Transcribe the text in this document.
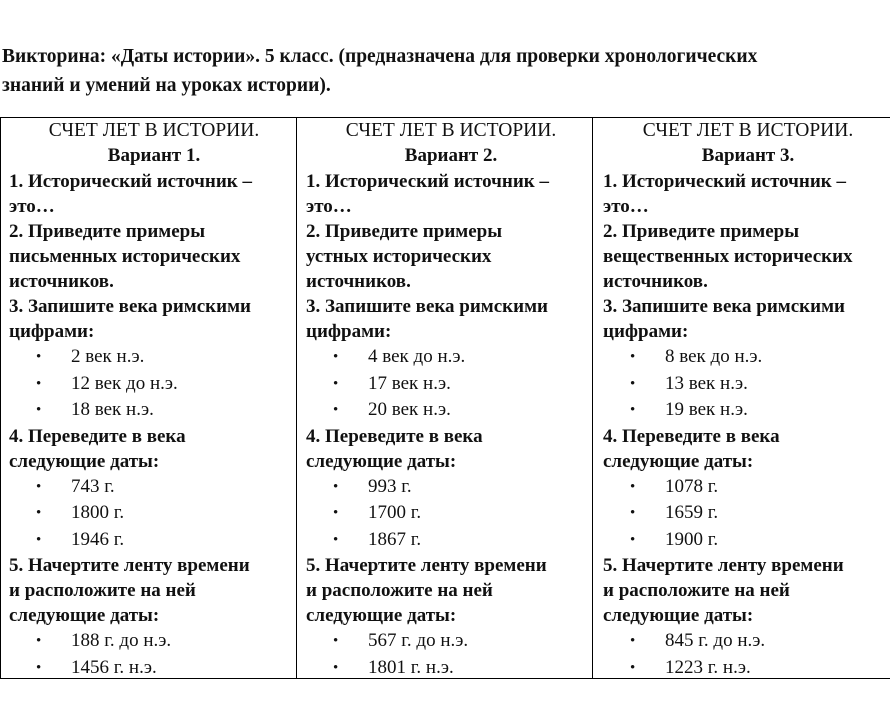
Викторина: «Даты истории». 5 класс. (предназначена для проверки хронологических
знаний и умений на уроках истории).
СЧЕТ ЛЕТ В ИСТОРИИ.
Вариант 1.
1. Исторический источник –
это…
2. Приведите примеры
письменных исторических
источников.
3. Запишите века римскими
цифрами:
• 2 век н.э.
• 12 век до н.э.
• 18 век н.э.
4. Переведите в века
следующие даты:
• 743 г.
• 1800 г.
• 1946 г.
5. Начертите ленту времени
и расположите на ней
следующие даты:
• 188 г. до н.э.
• 1456 г. н.э.
СЧЕТ ЛЕТ В ИСТОРИИ.
Вариант 2.
1. Исторический источник –
это…
2. Приведите примеры
устных исторических
источников.
3. Запишите века римскими
цифрами:
• 4 век до н.э.
• 17 век н.э.
• 20 век н.э.
4. Переведите в века
следующие даты:
• 993 г.
• 1700 г.
• 1867 г.
5. Начертите ленту времени
и расположите на ней
следующие даты:
• 567 г. до н.э.
• 1801 г. н.э.
СЧЕТ ЛЕТ В ИСТОРИИ.
Вариант 3.
1. Исторический источник –
это…
2. Приведите примеры
вещественных исторических
источников.
3. Запишите века римскими
цифрами:
• 8 век до н.э.
• 13 век н.э.
• 19 век н.э.
4. Переведите в века
следующие даты:
• 1078 г.
• 1659 г.
• 1900 г.
5. Начертите ленту времени
и расположите на ней
следующие даты:
• 845 г. до н.э.
• 1223 г. н.э.
